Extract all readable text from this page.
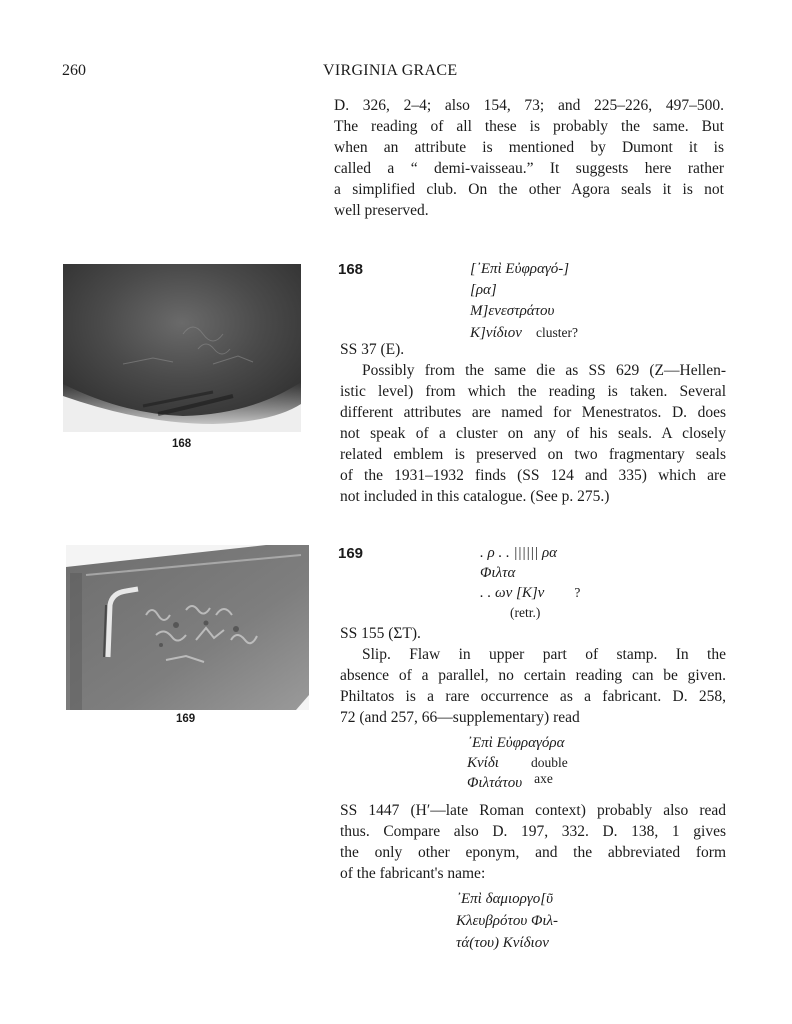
260	VIRGINIA GRACE
D. 326, 2–4; also 154, 73; and 225–226, 497–500.
The reading of all these is probably the same. But
when an attribute is mentioned by Dumont it is
called a “ demi-vaisseau.” It suggests here rather
a simplified club. On the other Agora seals it is not
well preserved.
168
168	[᾿Επὶ Εὐφραγό-]
[ρα]
Μ]ενεστράτου
Κ]νίδιον cluster?
SS 37 (E).
Possibly from the same die as SS 629 (Ζ—Hellen-
istic level) from which the reading is taken. Several
different attributes are named for Menestratos. D. does
not speak of a cluster on any of his seals. A closely
related emblem is preserved on two fragmentary seals
of the 1931–1932 finds (SS 124 and 335) which are
not included in this catalogue. (See p. 275.)
169
169	. ρ . . |||||| ρα
Φιλτα
. . ων [Κ]ν ?
(retr.)
SS 155 (ΣΤ).
Slip. Flaw in upper part of stamp. In the
absence of a parallel, no certain reading can be given.
Philtatos is a rare occurrence as a fabricant. D. 258,
72 (and 257, 66—supplementary) read
᾿Επὶ Εὐφραγόρα
Κνίδι double
Φιλτάτου axe
SS 1447 (Η′—late Roman context) probably also read
thus. Compare also D. 197, 332. D. 138, 1 gives
the only other eponym, and the abbreviated form
of the fabricant's name:
᾿Επὶ δαμιοργο[ῦ
Κλευβρότου Φιλ-
τά(του) Κνίδιον
